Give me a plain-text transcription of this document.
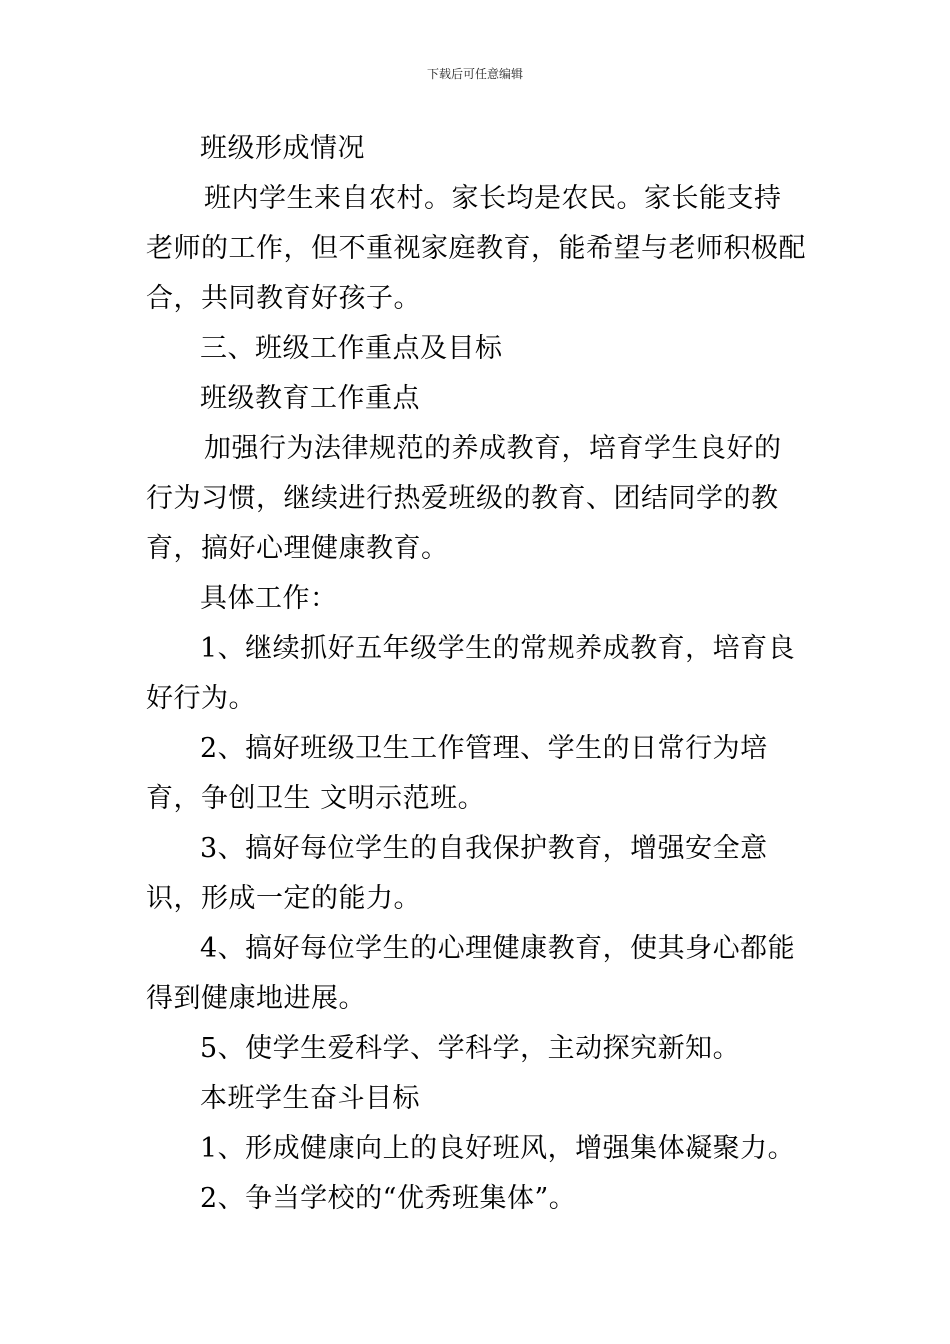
下载后可任意编辑

班级形成情况

班内学生来自农村。家长均是农民。家长能支持老师的工作，但不重视家庭教育，能希望与老师积极配合，共同教育好孩子。

三、班级工作重点及目标

班级教育工作重点

加强行为法律规范的养成教育，培育学生良好的行为习惯，继续进行热爱班级的教育、团结同学的教育，搞好心理健康教育。

具体工作：

1、继续抓好五年级学生的常规养成教育，培育良好行为。

2、搞好班级卫生工作管理、学生的日常行为培育，争创卫生 文明示范班。

3、搞好每位学生的自我保护教育，增强安全意识，形成一定的能力。

4、搞好每位学生的心理健康教育，使其身心都能得到健康地进展。

5、使学生爱科学、学科学，主动探究新知。

本班学生奋斗目标

1、形成健康向上的良好班风，增强集体凝聚力。

2、争当学校的“优秀班集体”。
